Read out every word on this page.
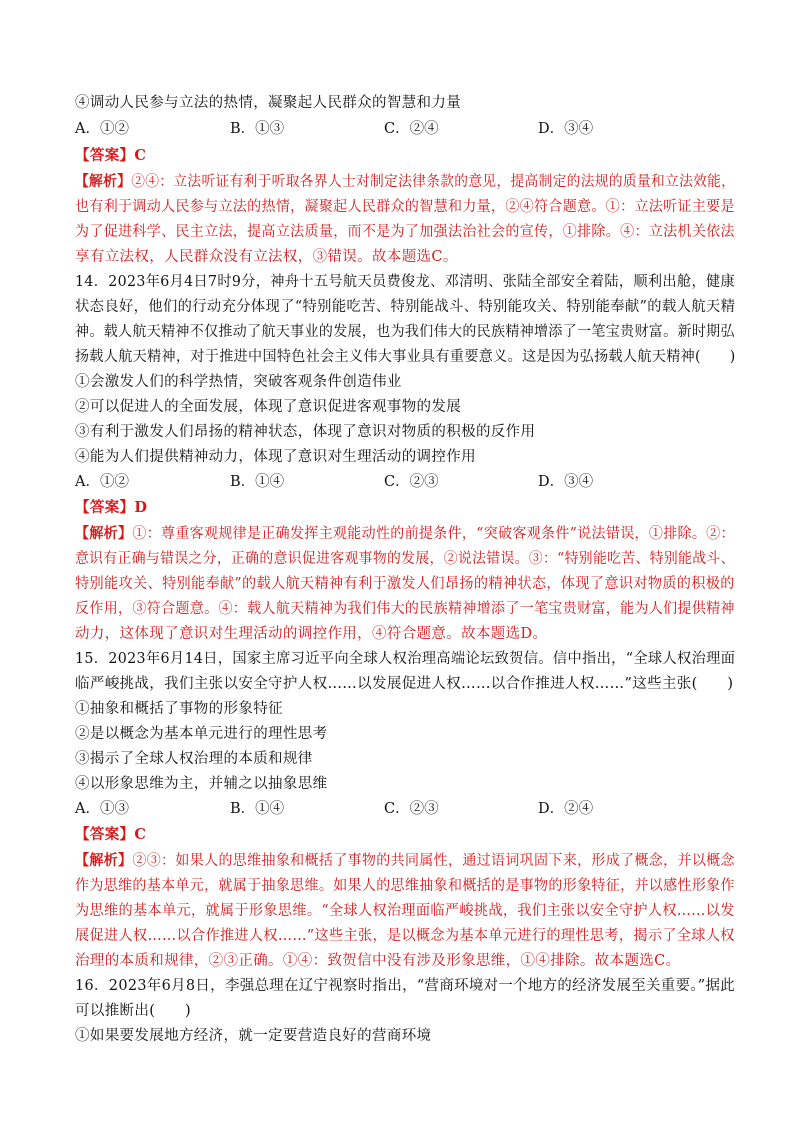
④调动人民参与立法的热情，凝聚起人民群众的智慧和力量
A．①②	B．①③	C．②④	D．③④
【答案】C
【解析】②④：立法听证有利于听取各界人士对制定法律条款的意见，提高制定的法规的质量和立法效能，
也有利于调动人民参与立法的热情，凝聚起人民群众的智慧和力量，②④符合题意。①：立法听证主要是
为了促进科学、民主立法，提高立法质量，而不是为了加强法治社会的宣传，①排除。④：立法机关依法
享有立法权，人民群众没有立法权，③错误。故本题选C。
14．2023年6月4日7时9分，神舟十五号航天员费俊龙、邓清明、张陆全部安全着陆，顺利出舱，健康
状态良好，他们的行动充分体现了“特别能吃苦、特别能战斗、特别能攻关、特别能奉献”的载人航天精
神。载人航天精神不仅推动了航天事业的发展，也为我们伟大的民族精神增添了一笔宝贵财富。新时期弘
扬载人航天精神，对于推进中国特色社会主义伟大事业具有重要意义。这是因为弘扬载人航天精神(　　)
①会激发人们的科学热情，突破客观条件创造伟业
②可以促进人的全面发展，体现了意识促进客观事物的发展
③有利于激发人们昂扬的精神状态，体现了意识对物质的积极的反作用
④能为人们提供精神动力，体现了意识对生理活动的调控作用
A．①②	B．①④	C．②③	D．③④
【答案】D
【解析】①：尊重客观规律是正确发挥主观能动性的前提条件，“突破客观条件”说法错误，①排除。②：
意识有正确与错误之分，正确的意识促进客观事物的发展，②说法错误。③：“特别能吃苦、特别能战斗、
特别能攻关、特别能奉献”的载人航天精神有利于激发人们昂扬的精神状态，体现了意识对物质的积极的
反作用，③符合题意。④：载人航天精神为我们伟大的民族精神增添了一笔宝贵财富，能为人们提供精神
动力，这体现了意识对生理活动的调控作用，④符合题意。故本题选D。
15．2023年6月14日，国家主席习近平向全球人权治理高端论坛致贺信。信中指出，“全球人权治理面
临严峻挑战，我们主张以安全守护人权……以发展促进人权……以合作推进人权……”这些主张(　　)
①抽象和概括了事物的形象特征
②是以概念为基本单元进行的理性思考
③揭示了全球人权治理的本质和规律
④以形象思维为主，并辅之以抽象思维
A．①③	B．①④	C．②③	D．②④
【答案】C
【解析】②③：如果人的思维抽象和概括了事物的共同属性，通过语词巩固下来，形成了概念，并以概念
作为思维的基本单元，就属于抽象思维。如果人的思维抽象和概括的是事物的形象特征，并以感性形象作
为思维的基本单元，就属于形象思维。“全球人权治理面临严峻挑战，我们主张以安全守护人权……以发
展促进人权……以合作推进人权……”这些主张，是以概念为基本单元进行的理性思考，揭示了全球人权
治理的本质和规律，②③正确。①④：致贺信中没有涉及形象思维，①④排除。故本题选C。
16．2023年6月8日，李强总理在辽宁视察时指出，“营商环境对一个地方的经济发展至关重要。”据此
可以推断出(　　)
①如果要发展地方经济，就一定要营造良好的营商环境
